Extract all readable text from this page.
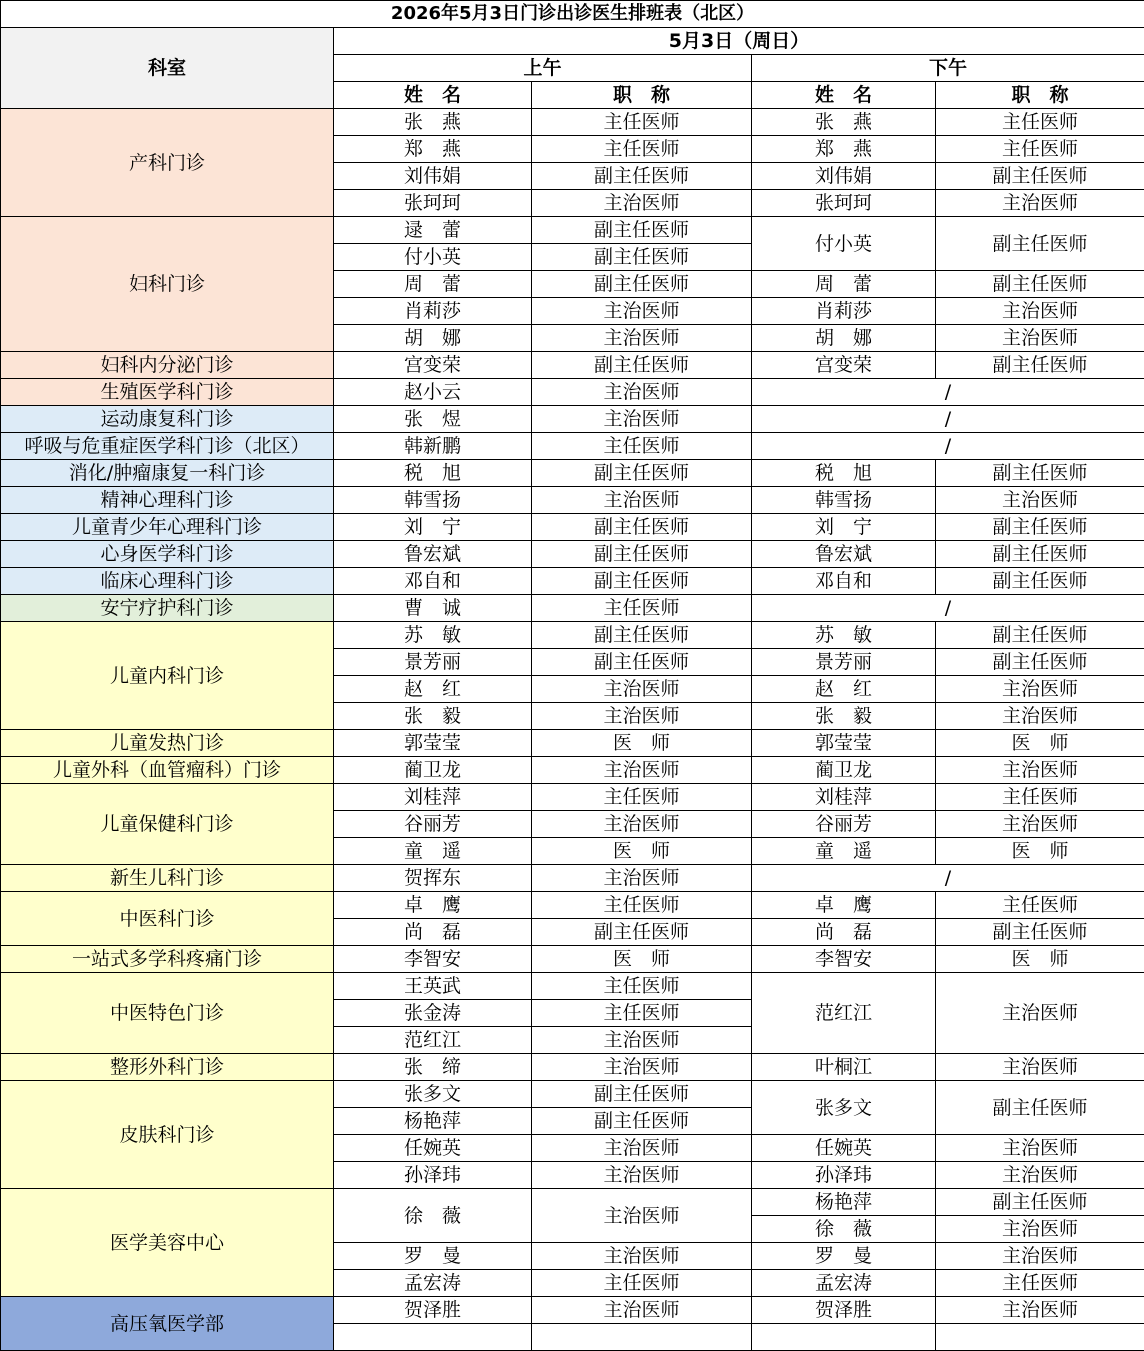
2026年5月3日门诊出诊医生排班表（北区）				
科室	5月3日（周日）			
	上午		下午	
	姓　名	职　称	姓　名	职　称
产科门诊	张　燕	主任医师	张　燕	主任医师
	郑　燕	主任医师	郑　燕	主任医师
	刘伟娟	副主任医师	刘伟娟	副主任医师
	张珂珂	主治医师	张珂珂	主治医师
妇科门诊	逯　蕾	副主任医师	付小英	副主任医师
	付小英	副主任医师		
	周　蕾	副主任医师	周　蕾	副主任医师
	肖莉莎	主治医师	肖莉莎	主治医师
	胡　娜	主治医师	胡　娜	主治医师
妇科内分泌门诊	宫变荣	副主任医师	宫变荣	副主任医师
生殖医学科门诊	赵小云	主治医师	/	
运动康复科门诊	张　煜	主治医师	/	
呼吸与危重症医学科门诊（北区）	韩新鹏	主任医师	/	
消化/肿瘤康复一科门诊	税　旭	副主任医师	税　旭	副主任医师
精神心理科门诊	韩雪扬	主治医师	韩雪扬	主治医师
儿童青少年心理科门诊	刘　宁	副主任医师	刘　宁	副主任医师
心身医学科门诊	鲁宏斌	副主任医师	鲁宏斌	副主任医师
临床心理科门诊	邓自和	副主任医师	邓自和	副主任医师
安宁疗护科门诊	曹　诚	主任医师	/	
儿童内科门诊	苏　敏	副主任医师	苏　敏	副主任医师
	景芳丽	副主任医师	景芳丽	副主任医师
	赵　红	主治医师	赵　红	主治医师
	张　毅	主治医师	张　毅	主治医师
儿童发热门诊	郭莹莹	医　师	郭莹莹	医　师
儿童外科（血管瘤科）门诊	蔺卫龙	主治医师	蔺卫龙	主治医师
儿童保健科门诊	刘桂萍	主任医师	刘桂萍	主任医师
	谷丽芳	主治医师	谷丽芳	主治医师
	童　遥	医　师	童　遥	医　师
新生儿科门诊	贺挥东	主治医师	/	
中医科门诊	卓　鹰	主任医师	卓　鹰	主任医师
	尚　磊	副主任医师	尚　磊	副主任医师
一站式多学科疼痛门诊	李智安	医　师	李智安	医　师
中医特色门诊	王英武	主任医师	范红江	主治医师
	张金涛	主任医师		
	范红江	主治医师		
整形外科门诊	张　缔	主治医师	叶桐江	主治医师
皮肤科门诊	张多文	副主任医师	张多文	副主任医师
	杨艳萍	副主任医师		
	任婉英	主治医师	任婉英	主治医师
	孙泽玮	主治医师	孙泽玮	主治医师
医学美容中心	徐　薇	主治医师	杨艳萍	副主任医师
			徐　薇	主治医师
	罗　曼	主治医师	罗　曼	主治医师
	孟宏涛	主任医师	孟宏涛	主任医师
高压氧医学部	贺泽胜	主治医师	贺泽胜	主治医师
